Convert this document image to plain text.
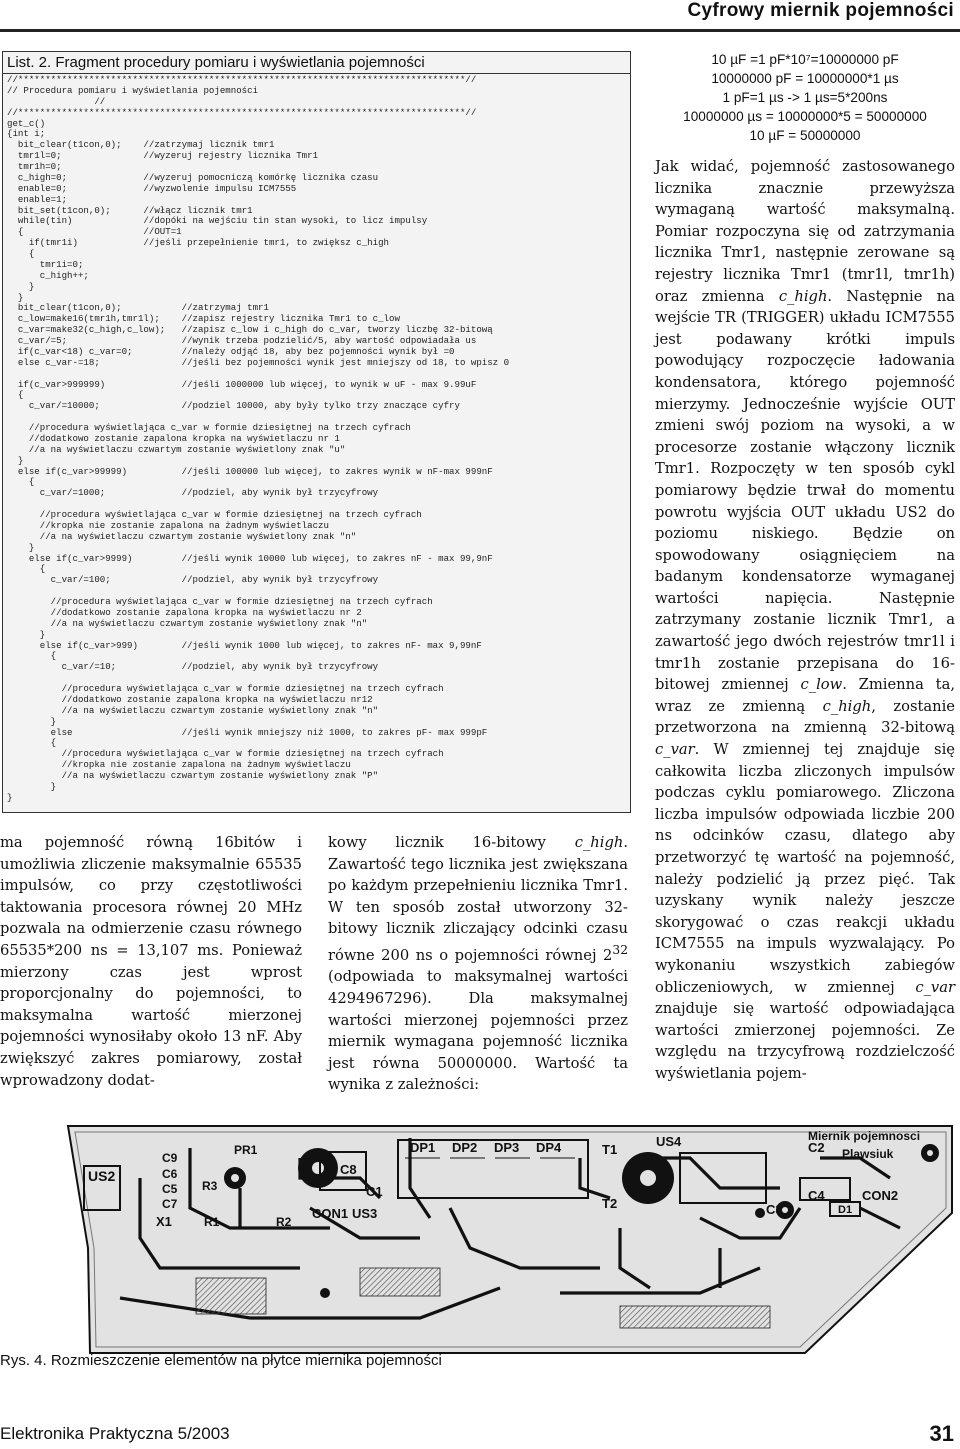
Cyfrowy miernik pojemności
List. 2. Fragment procedury pomiaru i wyświetlania pojemności
//**********************************************************************************//
// Procedura pomiaru i wyświetlania pojemności
//
//**********************************************************************************//
get_c()
{int i;
bit_clear(t1con,0);    //zatrzymaj licznik tmr1
tmr1l=0;               //wyzeruj rejestry licznika Tmr1
tmr1h=0;
c_high=0;              //wyzeruj pomocniczą komórkę licznika czasu
enable=0;              //wyzwolenie impulsu ICM7555
enable=1;
bit_set(t1con,0);      //włącz licznik tmr1
while(tin)             //dopóki na wejściu tin stan wysoki, to licz impulsy
{                      //OUT=1
if(tmr1i)            //jeśli przepełnienie tmr1, to zwiększ c_high
{
tmr1i=0;
c_high++;
}
}
bit_clear(t1con,0);           //zatrzymaj tmr1
c_low=make16(tmr1h,tmr1l);    //zapisz rejestry licznika Tmr1 to c_low
c_var=make32(c_high,c_low);   //zapisz c_low i c_high do c_var, tworzy liczbę 32-bitową
c_var/=5;                     //wynik trzeba podzielić/5, aby wartość odpowiadała us
if(c_var<18) c_var=0;         //należy odjąć 18, aby bez pojemności wynik był =0
else c_var-=18;               //jeśli bez pojemności wynik jest mniejszy od 18, to wpisz 0

if(c_var>999999)              //jeśli 1000000 lub więcej, to wynik w uF - max 9.99uF
{
c_var/=10000;               //podziel 10000, aby były tylko trzy znaczące cyfry

//procedura wyświetlająca c_var w formie dziesiętnej na trzech cyfrach
//dodatkowo zostanie zapalona kropka na wyświetlaczu nr 1
//a na wyświetlaczu czwartym zostanie wyświetlony znak "u"
}
else if(c_var>99999)          //jeśli 100000 lub więcej, to zakres wynik w nF-max 999nF
{
c_var/=1000;              //podziel, aby wynik był trzycyfrowy

//procedura wyświetlająca c_var w formie dziesiętnej na trzech cyfrach
//kropka nie zostanie zapalona na żadnym wyświetlaczu
//a na wyświetlaczu czwartym zostanie wyświetlony znak "n"
}
else if(c_var>9999)         //jeśli wynik 10000 lub więcej, to zakres nF - max 99,9nF
{
c_var/=100;             //podziel, aby wynik był trzycyfrowy

//procedura wyświetlająca c_var w formie dziesiętnej na trzech cyfrach
//dodatkowo zostanie zapalona kropka na wyświetlaczu nr 2
//a na wyświetlaczu czwartym zostanie wyświetlony znak "n"
}
else if(c_var>999)        //jeśli wynik 1000 lub więcej, to zakres nF- max 9,99nF
{
c_var/=10;            //podziel, aby wynik był trzycyfrowy

//procedura wyświetlająca c_var w formie dziesiętnej na trzech cyfrach
//dodatkowo zostanie zapalona kropka na wyświetlaczu nr12
//a na wyświetlaczu czwartym zostanie wyświetlony znak "n"
}
else                    //jeśli wynik mniejszy niż 1000, to zakres pF- max 999pF
{
//procedura wyświetlająca c_var w formie dziesiętnej na trzech cyfrach
//kropka nie zostanie zapalona na żadnym wyświetlaczu
//a na wyświetlaczu czwartym zostanie wyświetlony znak "P"
}
}
10 µF =1 pF*10⁷=10000000 pF
10000000 pF = 10000000*1 µs
1 pF=1 µs -> 1 µs=5*200ns
10000000 µs = 10000000*5 = 50000000
10 µF = 50000000

Jak widać, pojemność zastosowanego licznika znacznie przewyższa wymaganą wartość maksymalną. Pomiar rozpoczyna się od zatrzymania licznika Tmr1, następnie zerowane są rejestry licznika Tmr1 (tmr1l, tmr1h) oraz zmienna c_high. Następnie na wejście TR (TRIGGER) układu ICM7555 jest podawany krótki impuls powodujący rozpoczęcie ładowania kondensatora, którego pojemność mierzymy. Jednocześnie wyjście OUT zmieni swój poziom na wysoki, a w procesorze zostanie włączony licznik Tmr1. Rozpoczęty w ten sposób cykl pomiarowy będzie trwał do momentu powrotu wyjścia OUT układu US2 do poziomu niskiego. Będzie on spowodowany osiągnięciem na badanym kondensatorze wymaganej wartości napięcia. Następnie zatrzymany zostanie licznik Tmr1, a zawartość jego dwóch rejestrów tmr1l i tmr1h zostanie przepisana do 16-bitowej zmiennej c_low. Zmienna ta, wraz ze zmienną c_high, zostanie przetworzona na zmienną 32-bitową c_var. W zmiennej tej znajduje się całkowita liczba zliczonych impulsów podczas cyklu pomiarowego. Zliczona liczba impulsów odpowiada liczbie 200 ns odcinków czasu, dlatego aby przetworzyć tę wartość na pojemność, należy podzielić ją przez pięć. Tak uzyskany wynik należy jeszcze skorygować o czas reakcji układu ICM7555 na impuls wyzwalający. Po wykonaniu wszystkich zabiegów obliczeniowych, w zmiennej c_var znajduje się wartość odpowiadająca wartości zmierzonej pojemności. Ze względu na trzycyfrową rozdzielczość wyświetlania pojem-

ma pojemność równą 16bitów i umożliwia zliczenie maksymalnie 65535 impulsów, co przy częstotliwości taktowania procesora równej 20 MHz pozwala na odmierzenie czasu równego 65535*200 ns = 13,107 ms. Ponieważ mierzony czas jest wprost proporcjonalny do pojemności, to maksymalna wartość mierzonej pojemności wynosiłaby około 13 nF. Aby zwiększyć zakres pomiarowy, został wprowadzony dodat-

kowy licznik 16-bitowy c_high. Zawartość tego licznika jest zwiększana po każdym przepełnieniu licznika Tmr1. W ten sposób został utworzony 32-bitowy licznik zliczający odcinki czasu równe 200 ns o pojemności równej $2^{32}$ (odpowiada to maksymalnej wartości 4294967296). Dla maksymalnej wartości mierzonej pojemności przez miernik wymagana pojemność licznika jest równa 50000000. Wartość ta wynika z zależności:

US2
C9
C6
C5
C7
X1
PR1
R3
R1	R2
C8
C1
CON1 US3
DP1 DP2 DP3 DP4	T1
T2
US4	C2
C4
C3
CON2
D1
Miernik pojemnosci
Plawsiuk
Rys. 4. Rozmieszczenie elementów na płytce miernika pojemności
Elektronika Praktyczna 5/2003	31
